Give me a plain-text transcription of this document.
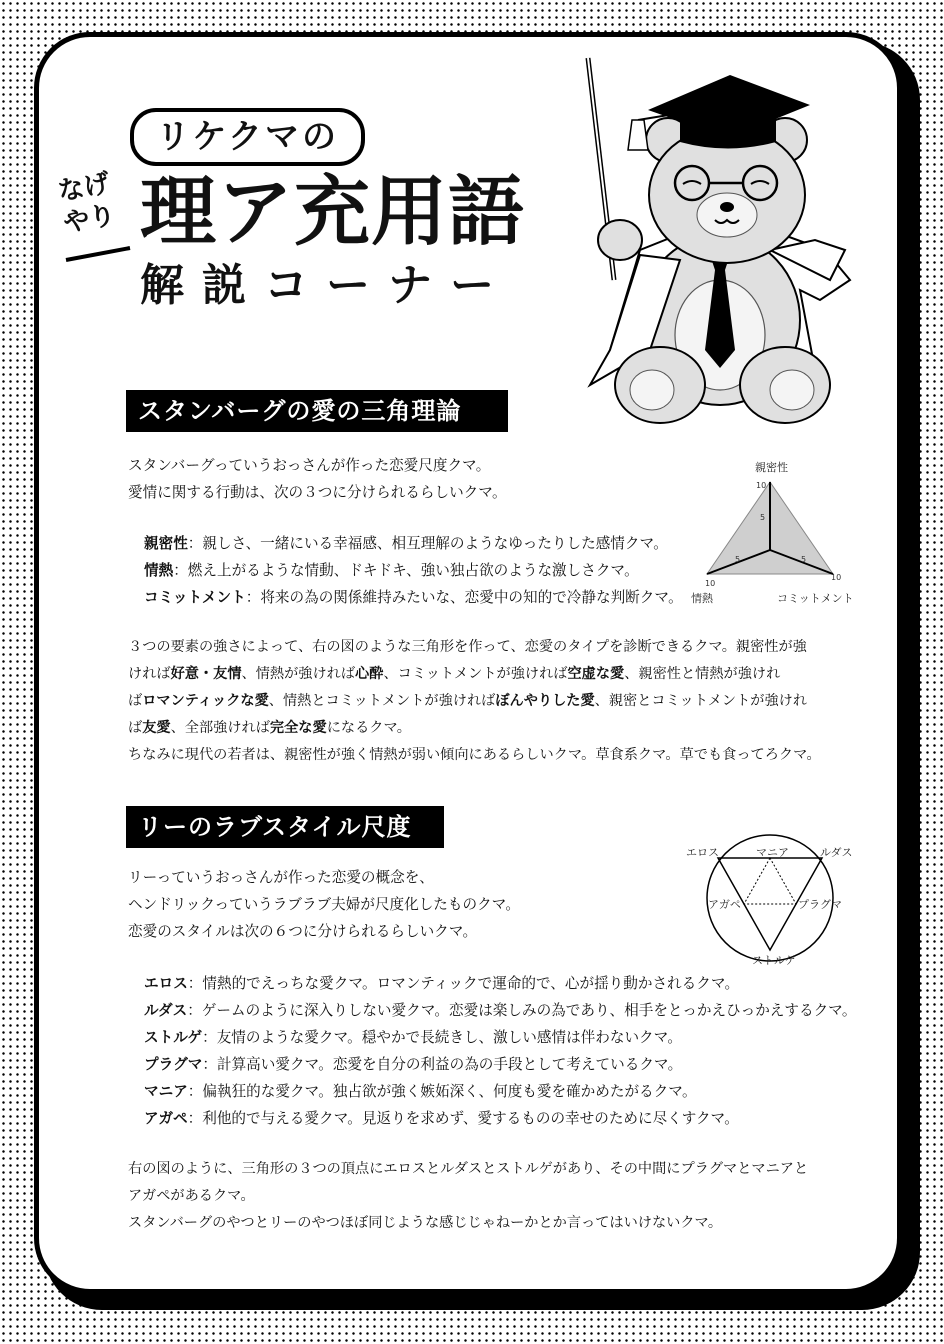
リケクマの
なげ
やり 理ア充用語
解説コーナー
スタンバーグの愛の三角理論

スタンバーグっていうおっさんが作った恋愛尺度クマ。

愛情に関する行動は、次の３つに分けられるらしいクマ。

親密性：親しさ、一緒にいる幸福感、相互理解のようなゆったりした感情クマ。
情熱：燃え上がるような情動、ドキドキ、強い独占欲のような激しさクマ。
コミットメント：将来の為の関係維持みたいな、恋愛中の知的で冷静な判断クマ。
親密性
情熱	コミットメント
10
5
10
5
10
5

３つの要素の強さによって、右の図のような三角形を作って、恋愛のタイプを診断できるクマ。親密性が強

ければ好意・友情、情熱が強ければ心酔、コミットメントが強ければ空虚な愛、親密性と情熱が強けれ

ばロマンティックな愛、情熱とコミットメントが強ければぼんやりした愛、親密とコミットメントが強けれ

ば友愛、全部強ければ完全な愛になるクマ。

ちなみに現代の若者は、親密性が強く情熱が弱い傾向にあるらしいクマ。草食系クマ。草でも食ってろクマ。

リーのラブスタイル尺度

リーっていうおっさんが作った恋愛の概念を、

ヘンドリックっていうラブラブ夫婦が尺度化したものクマ。

恋愛のスタイルは次の６つに分けられるらしいクマ。

エロス	マニア	ルダス
アガペ	プラグマ
ストルゲ
エロス：情熱的でえっちな愛クマ。ロマンティックで運命的で、心が揺り動かされるクマ。
ルダス：ゲームのように深入りしない愛クマ。恋愛は楽しみの為であり、相手をとっかえひっかえするクマ。
ストルゲ：友情のような愛クマ。穏やかで長続きし、激しい感情は伴わないクマ。
プラグマ：計算高い愛クマ。恋愛を自分の利益の為の手段として考えているクマ。
マニア：偏執狂的な愛クマ。独占欲が強く嫉妬深く、何度も愛を確かめたがるクマ。
アガペ：利他的で与える愛クマ。見返りを求めず、愛するものの幸せのために尽くすクマ。

右の図のように、三角形の３つの頂点にエロスとルダスとストルゲがあり、その中間にプラグマとマニアと

アガペがあるクマ。

スタンバーグのやつとリーのやつほぼ同じような感じじゃねーかとか言ってはいけないクマ。
